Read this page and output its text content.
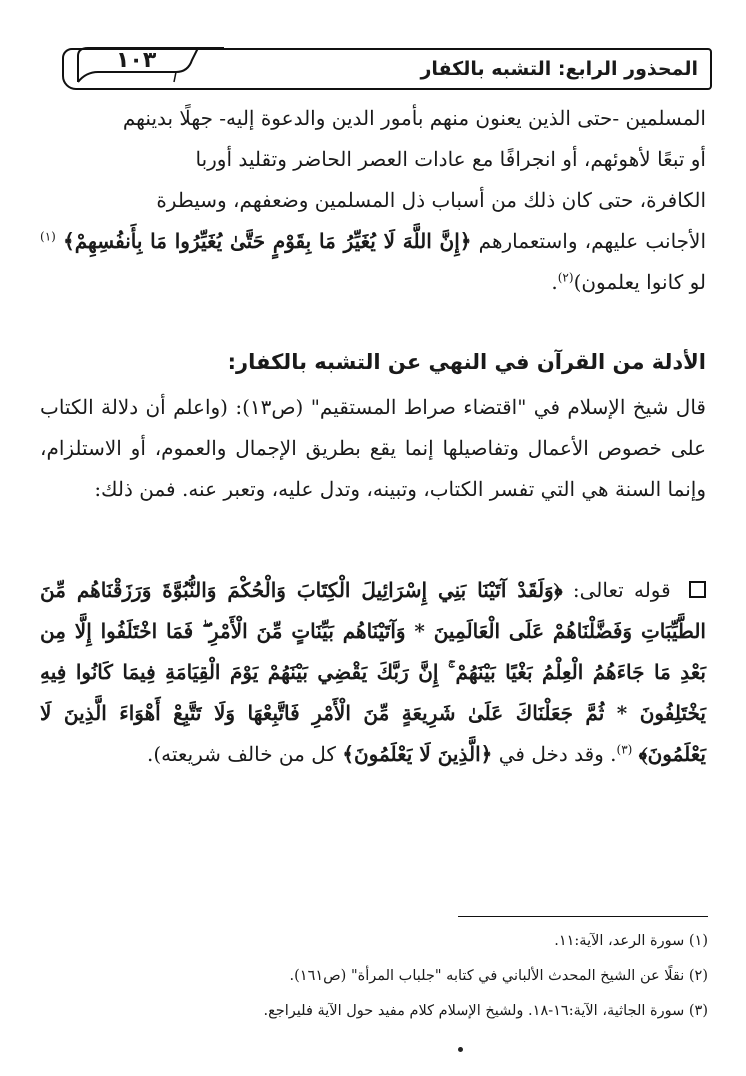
المحذور الرابع: التشبه بالكفار
١٠٣

المسلمين -حتى الذين يعنون منهم بأمور الدين والدعوة إليه- جهلًا بدينهم

أو تبعًا لأهوئهم، أو انجرافًا مع عادات العصر الحاضر وتقليد أوربا

الكافرة، حتى كان ذلك من أسباب ذل المسلمين وضعفهم، وسيطرة

الأجانب عليهم، واستعمارهم ﴿إِنَّ اللَّهَ لَا يُغَيِّرُ مَا بِقَوْمٍ حَتَّىٰ يُغَيِّرُوا مَا بِأَنفُسِهِمْ﴾ $^{(١)}$ لو كانوا يعلمون)$^{(٢)}$.

الأدلة من القرآن في النهي عن التشبه بالكفار:

قال شيخ الإسلام في "اقتضاء صراط المستقيم" (ص١٣): (واعلم أن دلالة الكتاب على خصوص الأعمال وتفاصيلها إنما يقع بطريق الإجمال والعموم، أو الاستلزام، وإنما السنة هي التي تفسر الكتاب، وتبينه، وتدل عليه، وتعبر عنه. فمن ذلك:

قوله تعالى: ﴿وَلَقَدْ آتَيْنَا بَنِي إِسْرَائِيلَ الْكِتَابَ وَالْحُكْمَ وَالنُّبُوَّةَ وَرَزَقْنَاهُم مِّنَ الطَّيِّبَاتِ وَفَضَّلْنَاهُمْ عَلَى الْعَالَمِينَ * وَآتَيْنَاهُم بَيِّنَاتٍ مِّنَ الْأَمْرِ ۖ فَمَا اخْتَلَفُوا إِلَّا مِن بَعْدِ مَا جَاءَهُمُ الْعِلْمُ بَغْيًا بَيْنَهُمْ ۚ إِنَّ رَبَّكَ يَقْضِي بَيْنَهُمْ يَوْمَ الْقِيَامَةِ فِيمَا كَانُوا فِيهِ يَخْتَلِفُونَ * ثُمَّ جَعَلْنَاكَ عَلَىٰ شَرِيعَةٍ مِّنَ الْأَمْرِ فَاتَّبِعْهَا وَلَا تَتَّبِعْ أَهْوَاءَ الَّذِينَ لَا يَعْلَمُونَ﴾ $^{(٣)}$. وقد دخل في ﴿الَّذِينَ لَا يَعْلَمُونَ﴾ كل من خالف شريعته).

(١) سورة الرعد، الآية:١١.

(٢) نقلًا عن الشيخ المحدث الألباني في كتابه "جلباب المرأة" (ص١٦١).

(٣) سورة الجاثية، الآية:١٦-١٨. ولشيخ الإسلام كلام مفيد حول الآية فليراجع.
